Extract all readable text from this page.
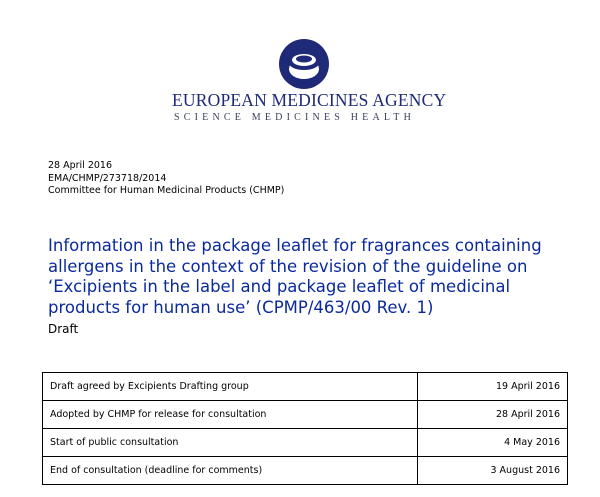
EUROPEAN MEDICINES AGENCY
SCIENCE MEDICINES HEALTH
28 April 2016
EMA/CHMP/273718/2014
Committee for Human Medicinal Products (CHMP)
Information in the package leaflet for fragrances containing allergens in the context of the revision of the guideline on ‘Excipients in the label and package leaflet of medicinal products for human use’ (CPMP/463/00 Rev. 1)
Draft
Draft agreed by Excipients Drafting group	19 April 2016
Adopted by CHMP for release for consultation	28 April 2016
Start of public consultation	4 May 2016
End of consultation (deadline for comments)	3 August 2016
